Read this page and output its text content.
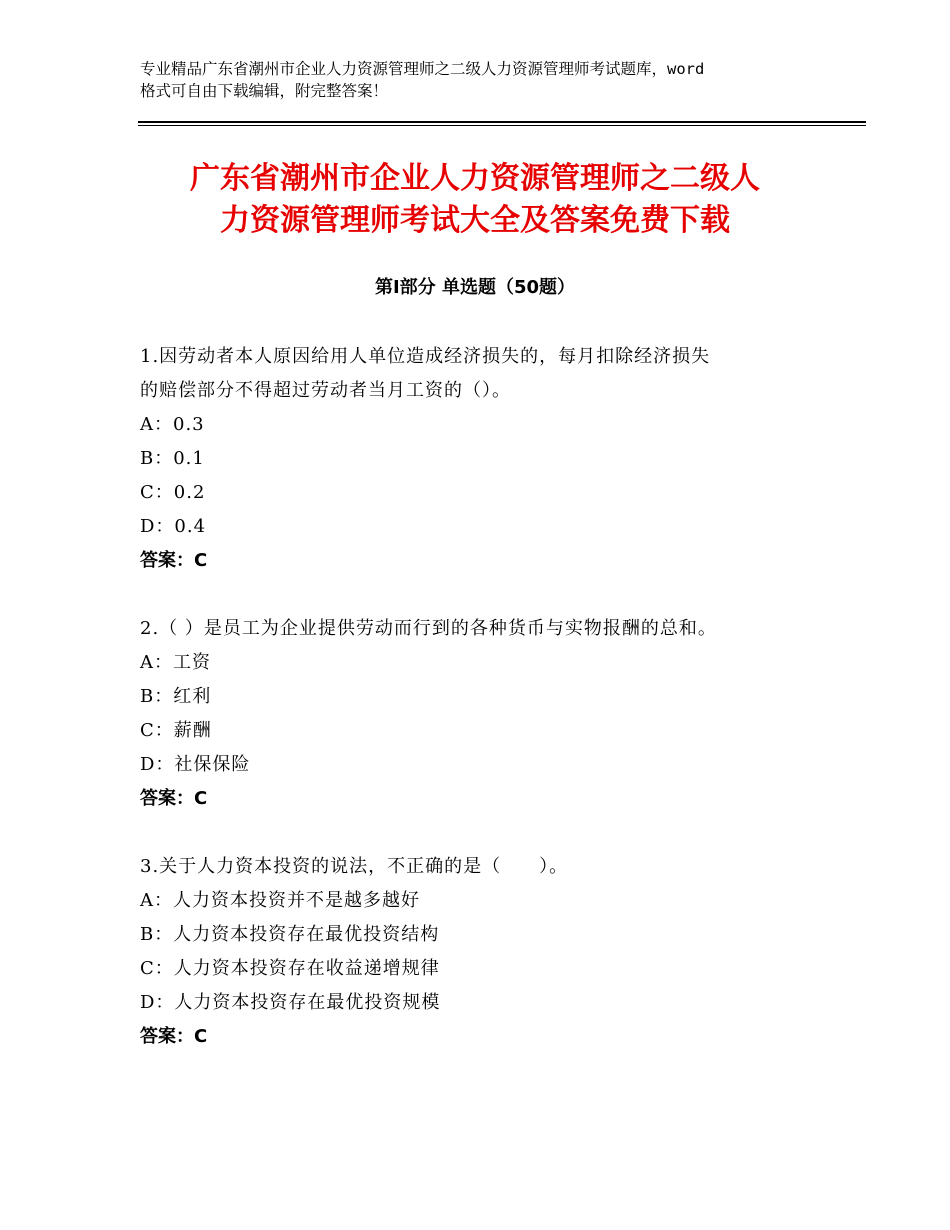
专业精品广东省潮州市企业人力资源管理师之二级人力资源管理师考试题库，word
格式可自由下载编辑，附完整答案！
广东省潮州市企业人力资源管理师之二级人
力资源管理师考试大全及答案免费下载
第Ⅰ部分 单选题（50题）
1.因劳动者本人原因给用人单位造成经济损失的，每月扣除经济损失
的赔偿部分不得超过劳动者当月工资的（）。
A：0.3
B：0.1
C：0.2
D：0.4
答案：C
2.（ ）是员工为企业提供劳动而行到的各种货币与实物报酬的总和。
A：工资
B：红利
C：薪酬
D：社保保险
答案：C
3.关于人力资本投资的说法，不正确的是（　　）。
A：人力资本投资并不是越多越好
B：人力资本投资存在最优投资结构
C：人力资本投资存在收益递增规律
D：人力资本投资存在最优投资规模
答案：C
